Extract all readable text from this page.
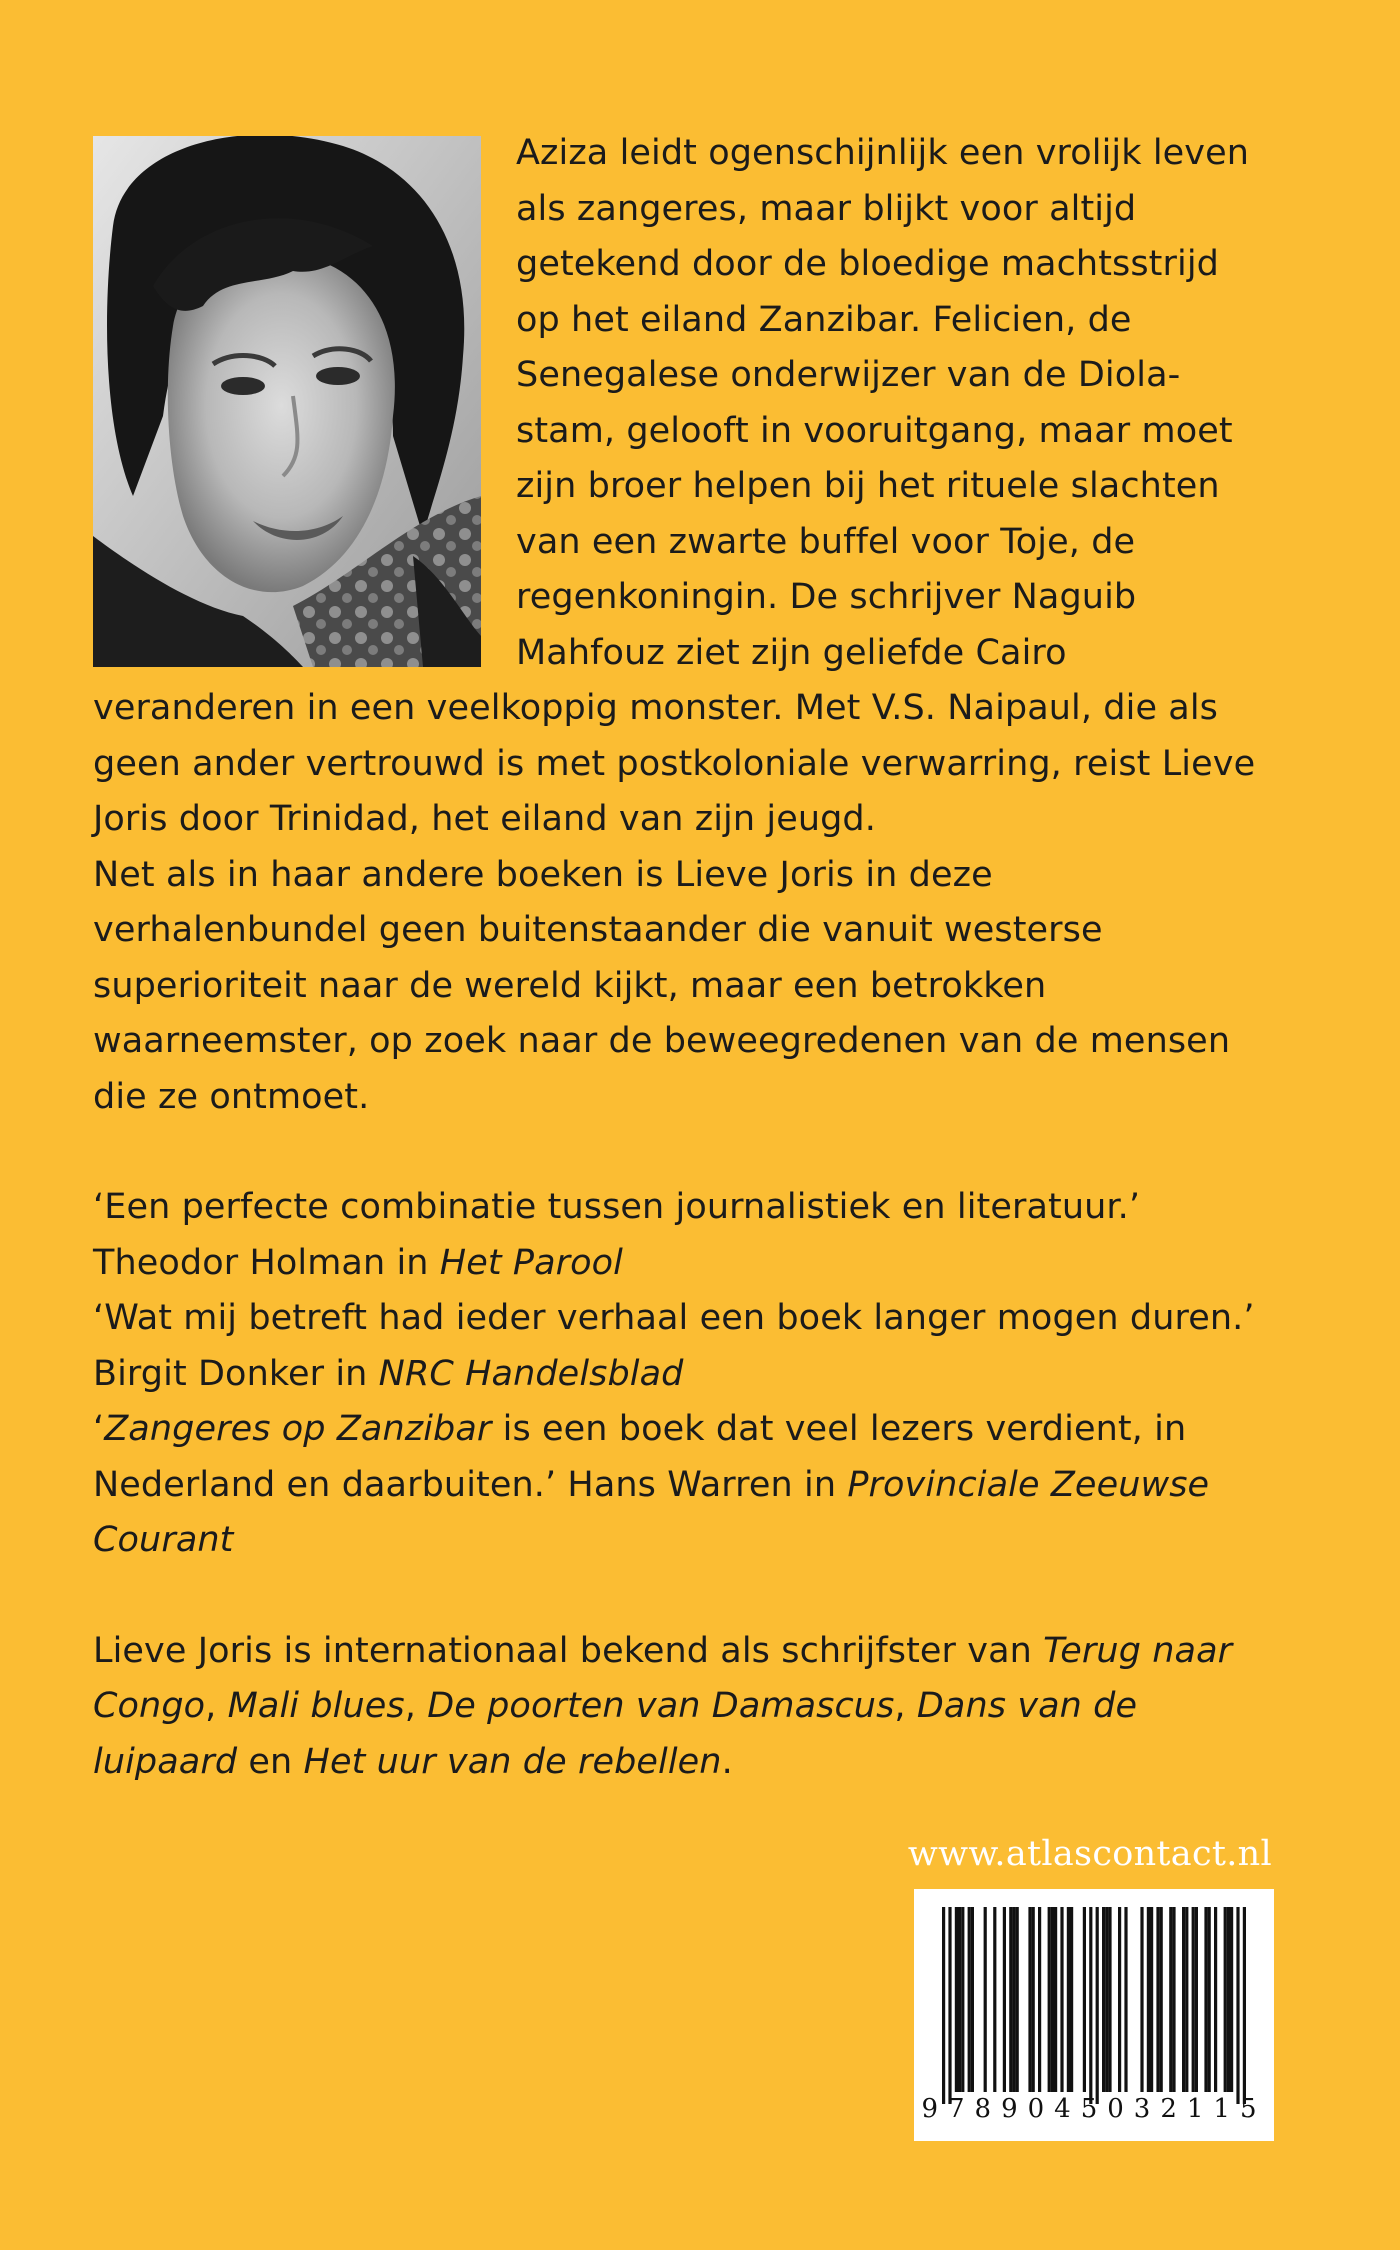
Aziza leidt ogenschijnlijk een vrolijk leven als zangeres, maar blijkt voor altijd getekend door de bloedige machtsstrijd op het eiland Zanzibar. Felicien, de Senegalese onderwijzer van de Diola-stam, gelooft in vooruitgang, maar moet zijn broer helpen bij het rituele slachten van een zwarte buffel voor Toje, de regenkoningin. De schrijver Naguib Mahfouz ziet zijn geliefde Cairo veranderen in een veelkoppig monster. Met V.S. Naipaul, die als geen ander vertrouwd is met postkoloniale verwarring, reist Lieve Joris door Trinidad, het eiland van zijn jeugd.

Net als in haar andere boeken is Lieve Joris in deze verhalenbundel geen buitenstaander die vanuit westerse superioriteit naar de wereld kijkt, maar een betrokken waarneemster, op zoek naar de beweegredenen van de mensen die ze ontmoet.

‘Een perfecte combinatie tussen journalistiek en literatuur.’
Theodor Holman in Het Parool

‘Wat mij betreft had ieder verhaal een boek langer mogen duren.’
Birgit Donker in NRC Handelsblad

‘Zangeres op Zanzibar is een boek dat veel lezers verdient, in Nederland en daarbuiten.’ Hans Warren in Provinciale Zeeuwse Courant

Lieve Joris is internationaal bekend als schrijfster van Terug naar Congo, Mali blues, De poorten van Damascus, Dans van de luipaard en Het uur van de rebellen.

www.atlascontact.nl
9789045032115
